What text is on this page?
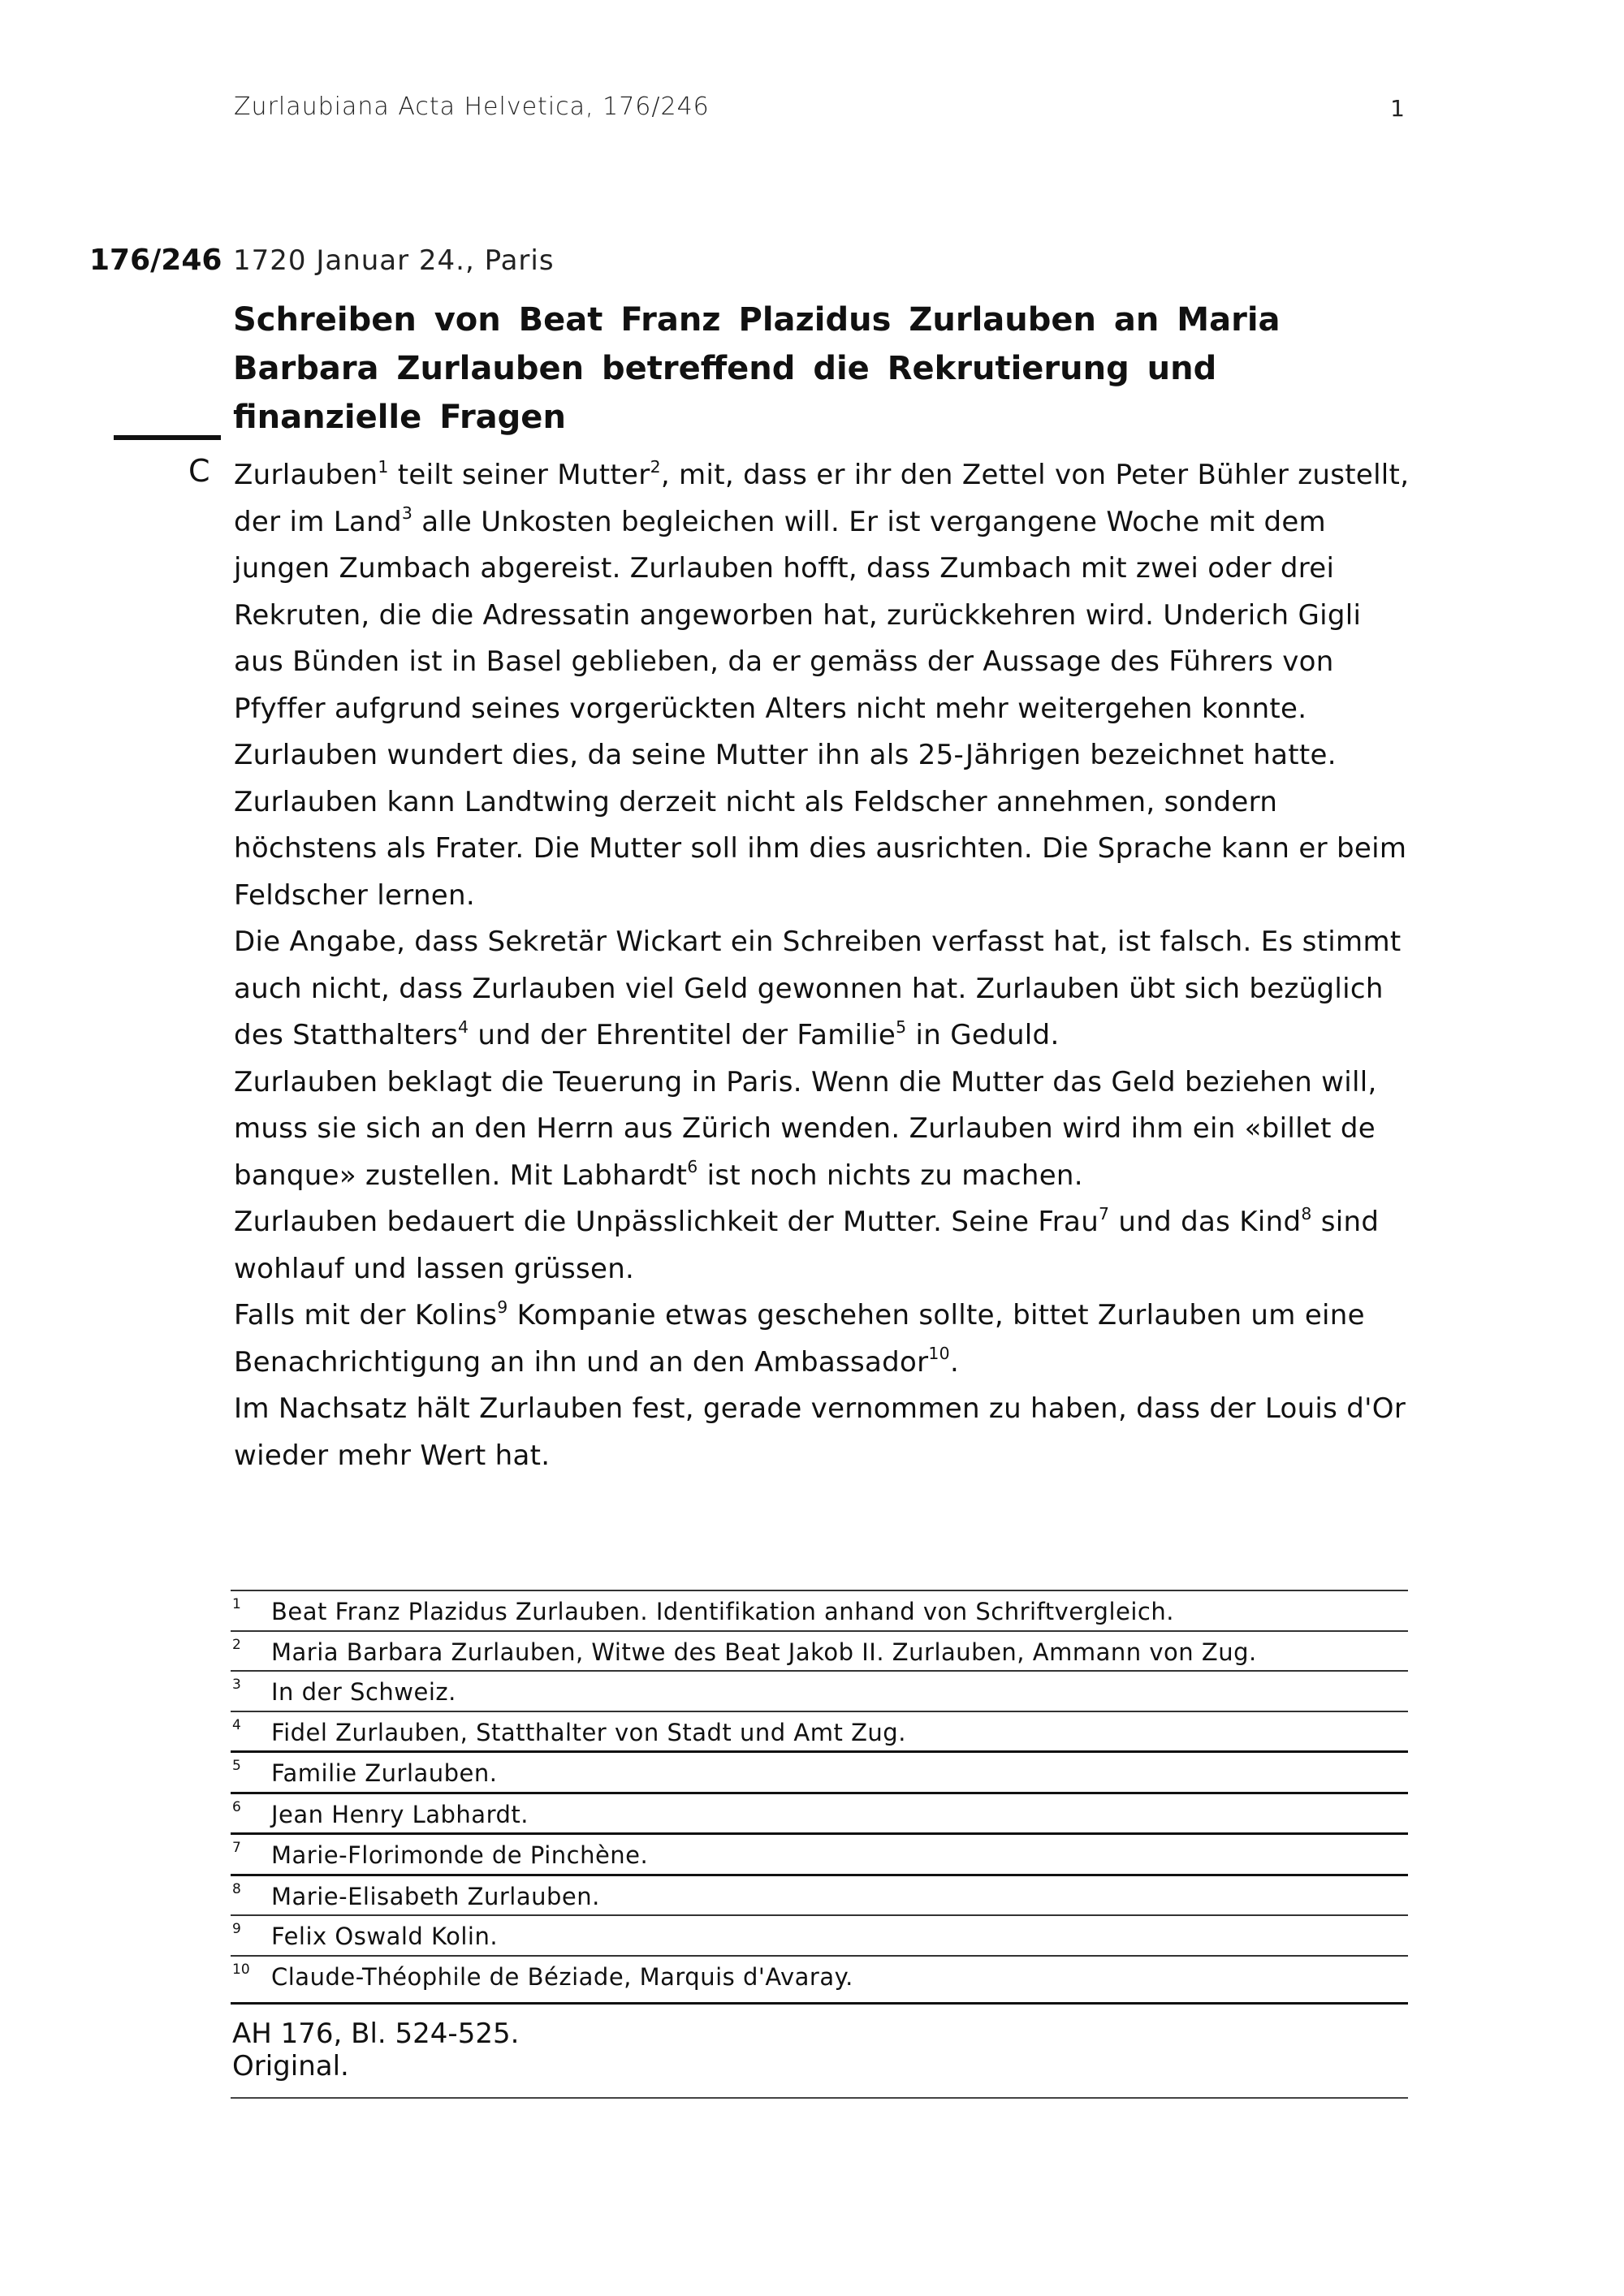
Zurlaubiana Acta Helvetica, 176/246	1
176/246 1720 Januar 24., Paris
Schreiben von Beat Franz Plazidus Zurlauben an Maria Barbara Zurlauben betreffend die Rekrutierung und finanzielle Fragen
C Zurlauben$^1$ teilt seiner Mutter$^2$, mit, dass er ihr den Zettel von Peter Bühler zustellt, der im Land$^3$ alle Unkosten begleichen will. Er ist vergangene Woche mit dem jungen Zumbach abgereist. Zurlauben hofft, dass Zumbach mit zwei oder drei Rekruten, die die Adressatin angeworben hat, zurückkehren wird. Underich Gigli aus Bünden ist in Basel geblieben, da er gemäss der Aussage des Führers von Pfyffer aufgrund seines vorgerückten Alters nicht mehr weitergehen konnte. Zurlauben wundert dies, da seine Mutter ihn als 25-Jährigen bezeichnet hatte.

Zurlauben kann Landtwing derzeit nicht als Feldscher annehmen, sondern höchstens als Frater. Die Mutter soll ihm dies ausrichten. Die Sprache kann er beim Feldscher lernen.

Die Angabe, dass Sekretär Wickart ein Schreiben verfasst hat, ist falsch. Es stimmt auch nicht, dass Zurlauben viel Geld gewonnen hat. Zurlauben übt sich bezüglich des Statthalters$^4$ und der Ehrentitel der Familie$^5$ in Geduld.

Zurlauben beklagt die Teuerung in Paris. Wenn die Mutter das Geld beziehen will, muss sie sich an den Herrn aus Zürich wenden. Zurlauben wird ihm ein «billet de banque» zustellen. Mit Labhardt$^6$ ist noch nichts zu machen.

Zurlauben bedauert die Unpässlichkeit der Mutter. Seine Frau$^7$ und das Kind$^8$ sind wohlauf und lassen grüssen.

Falls mit der Kolins$^9$ Kompanie etwas geschehen sollte, bittet Zurlauben um eine Benachrichtigung an ihn und an den Ambassador$^{10}$.

Im Nachsatz hält Zurlauben fest, gerade vernommen zu haben, dass der Louis d'Or wieder mehr Wert hat.

1 Beat Franz Plazidus Zurlauben. Identifikation anhand von Schriftvergleich.
2 Maria Barbara Zurlauben, Witwe des Beat Jakob II. Zurlauben, Ammann von Zug.
3 In der Schweiz.
4 Fidel Zurlauben, Statthalter von Stadt und Amt Zug.
5 Familie Zurlauben.
6 Jean Henry Labhardt.
7 Marie-Florimonde de Pinchène.
8 Marie-Elisabeth Zurlauben.
9 Felix Oswald Kolin.
10 Claude-Théophile de Béziade, Marquis d'Avaray.
AH 176, Bl. 524-525.
Original.
